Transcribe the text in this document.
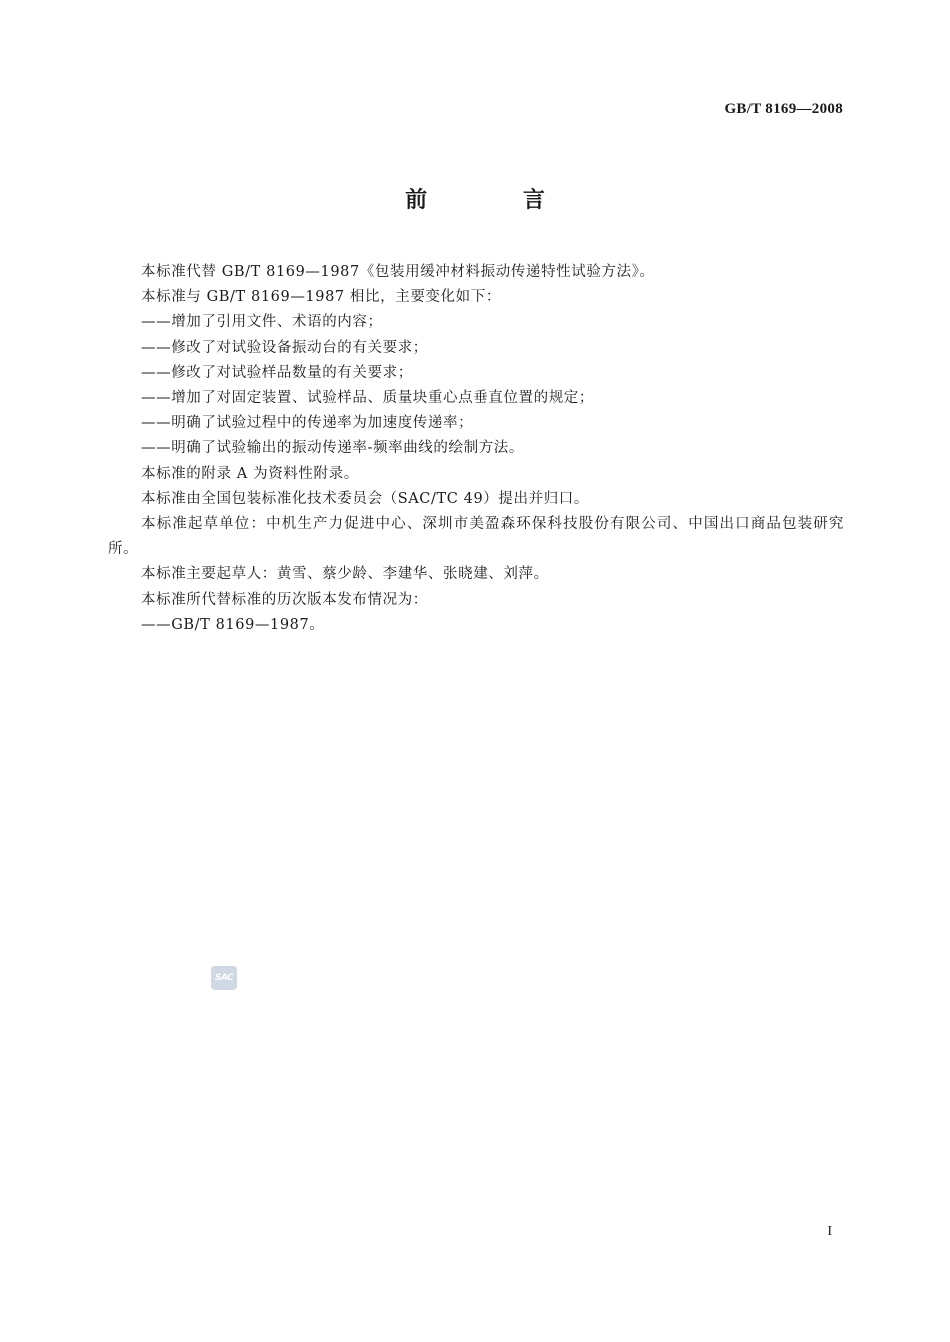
GB/T 8169—2008
前 言

本标准代替 GB/T 8169—1987《包装用缓冲材料振动传递特性试验方法》。

本标准与 GB/T 8169—1987 相比，主要变化如下：

——增加了引用文件、术语的内容；

——修改了对试验设备振动台的有关要求；

——修改了对试验样品数量的有关要求；

——增加了对固定装置、试验样品、质量块重心点垂直位置的规定；

——明确了试验过程中的传递率为加速度传递率；

——明确了试验输出的振动传递率-频率曲线的绘制方法。

本标准的附录 A 为资料性附录。

本标准由全国包装标准化技术委员会（SAC/TC 49）提出并归口。

本标准起草单位：中机生产力促进中心、深圳市美盈森环保科技股份有限公司、中国出口商品包装研究所。

本标准主要起草人：黄雪、蔡少龄、李建华、张晓建、刘萍。

本标准所代替标准的历次版本发布情况为：

——GB/T 8169—1987。

SAC
I
